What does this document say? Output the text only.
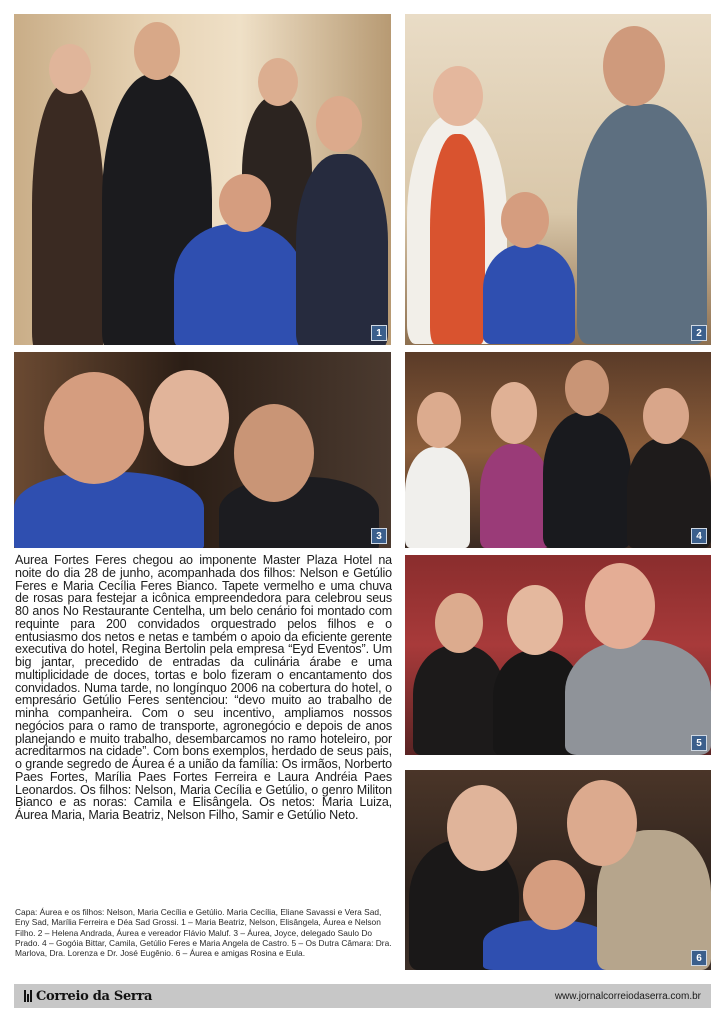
1	2
3	4
5
6
Áurea Fortes Feres chegou ao imponente Master Plaza Hotel na noite do dia 28 de junho, acompanhada dos filhos: Nelson e Getúlio Feres e Maria Cecília Feres Bianco. Tapete vermelho e uma chuva de rosas para festejar a icônica empreendedora para celebrou seus 80 anos No Restaurante Centelha, um belo cenário foi montado com requinte para 200 convidados orquestrado pelos filhos e o entusiasmo dos netos e netas e também o apoio da eficiente gerente executiva do hotel, Regina Bertolin pela empresa “Eyd Eventos”. Um big jantar, precedido de entradas da culinária árabe e uma multiplicidade de doces, tortas e bolo fizeram o encantamento dos convidados. Numa tarde, no longínquo 2006 na cobertura do hotel, o empresário Getúlio Feres sentenciou: “devo muito ao trabalho de minha companheira. Com o seu incentivo, ampliamos nossos negócios para o ramo de transporte, agronegócio e depois de anos planejando e muito trabalho, desembarcamos no ramo hoteleiro, por acreditarmos na cidade”. Com bons exemplos, herdado de seus pais, o grande segredo de Áurea é a união da família: Os irmãos, Norberto Paes Fortes, Marília Paes Fortes Ferreira e Laura Andréia Paes Leonardos. Os filhos: Nelson, Maria Cecília e Getúlio, o genro Militon Bianco e as noras: Camila e Elisângela. Os netos: Maria Luiza, Áurea Maria, Maria Beatriz, Nelson Filho, Samir e Getúlio Neto.
Capa: Áurea e os filhos: Nelson, Maria Cecília e Getúlio. Maria Cecília, Eliane Savassi e Vera Sad, Eny Sad, Marília Ferreira e Déa Sad Grossi. 1 – Maria Beatriz, Nelson, Elisângela, Áurea e Nelson Filho. 2 – Helena Andrada, Áurea e vereador Flávio Maluf. 3 – Áurea, Joyce, delegado Saulo Do Prado. 4 – Gogóia Bittar, Camila, Getúlio Feres e Maria Angela de Castro. 5 – Os Dutra Câmara: Dra. Marlova, Dra. Lorenza e Dr. José Eugênio. 6 – Áurea e amigas Rosina e Eula.
Correio da Serra	www.jornalcorreiodaserra.com.br
